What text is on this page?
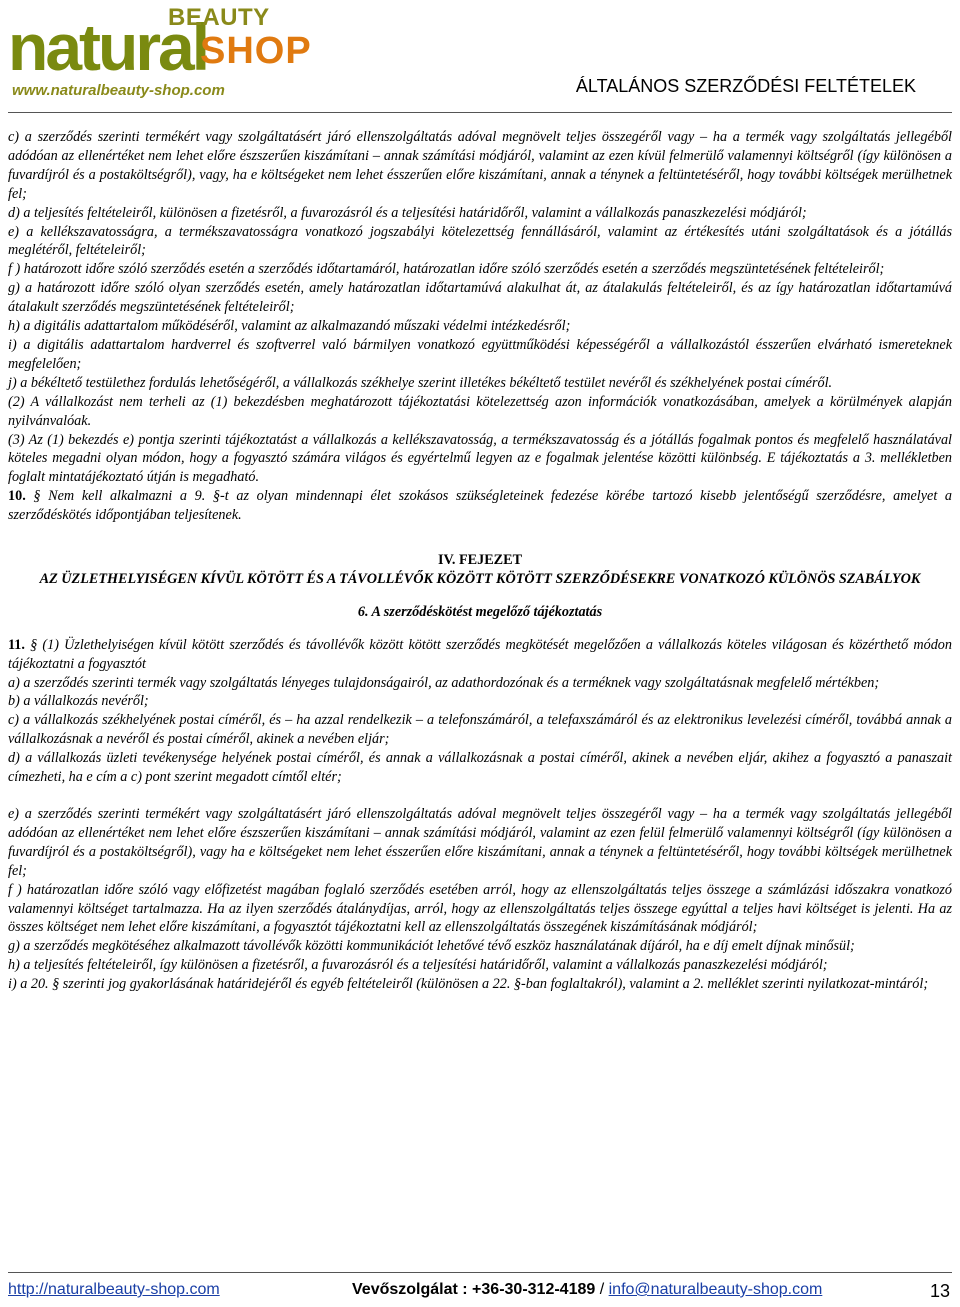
natural
BEAUTY
SHOP
www.naturalbeauty-shop.com	ÁLTALÁNOS SZERZŐDÉSI FELTÉTELEK

c) a szerződés szerinti termékért vagy szolgáltatásért járó ellenszolgáltatás adóval megnövelt teljes összegéről vagy – ha a termék vagy szolgáltatás jellegéből adódóan az ellenértéket nem lehet előre észszerűen kiszámítani – annak számítási módjáról, valamint az ezen kívül felmerülő valamennyi költségről (így különösen a fuvardíjról és a postaköltségről), vagy, ha e költségeket nem lehet ésszerűen előre kiszámítani, annak a ténynek a feltüntetéséről, hogy további költségek merülhetnek fel;

d) a teljesítés feltételeiről, különösen a fizetésről, a fuvarozásról és a teljesítési határidőről, valamint a vállalkozás panaszkezelési módjáról;

e) a kellékszavatosságra, a termékszavatosságra vonatkozó jogszabályi kötelezettség fennállásáról, valamint az értékesítés utáni szolgáltatások és a jótállás meglétéről, feltételeiről;

f ) határozott időre szóló szerződés esetén a szerződés időtartamáról, határozatlan időre szóló szerződés esetén a szerződés megszüntetésének feltételeiről;

g) a határozott időre szóló olyan szerződés esetén, amely határozatlan időtartamúvá alakulhat át, az átalakulás feltételeiről, és az így határozatlan időtartamúvá átalakult szerződés megszüntetésének feltételeiről;

h) a digitális adattartalom működéséről, valamint az alkalmazandó műszaki védelmi intézkedésről;

i) a digitális adattartalom hardverrel és szoftverrel való bármilyen vonatkozó együttműködési képességéről a vállalkozástól ésszerűen elvárható ismereteknek megfelelően;

j) a békéltető testülethez fordulás lehetőségéről, a vállalkozás székhelye szerint illetékes békéltető testület nevéről és székhelyének postai címéről.

(2) A vállalkozást nem terheli az (1) bekezdésben meghatározott tájékoztatási kötelezettség azon információk vonatkozásában, amelyek a körülmények alapján nyilvánvalóak.

(3) Az (1) bekezdés e) pontja szerinti tájékoztatást a vállalkozás a kellékszavatosság, a termékszavatosság és a jótállás fogalmak pontos és megfelelő használatával köteles megadni olyan módon, hogy a fogyasztó számára világos és egyértelmű legyen az e fogalmak jelentése közötti különbség. E tájékoztatás a 3. mellékletben foglalt mintatájékoztató útján is megadható.

10. § Nem kell alkalmazni a 9. §-t az olyan mindennapi élet szokásos szükségleteinek fedezése körébe tartozó kisebb jelentőségű szerződésre, amelyet a szerződéskötés időpontjában teljesítenek.

IV. FEJEZET

AZ ÜZLETHELYISÉGEN KÍVÜL KÖTÖTT ÉS A TÁVOLLÉVŐK KÖZÖTT KÖTÖTT SZERZŐDÉSEKRE VONATKOZÓ KÜLÖNÖS SZABÁLYOK

6. A szerződéskötést megelőző tájékoztatás

11. § (1) Üzlethelyiségen kívül kötött szerződés és távollévők között kötött szerződés megkötését megelőzően a vállalkozás köteles világosan és közérthető módon tájékoztatni a fogyasztót

a) a szerződés szerinti termék vagy szolgáltatás lényeges tulajdonságairól, az adathordozónak és a terméknek vagy szolgáltatásnak megfelelő mértékben;

b) a vállalkozás nevéről;

c) a vállalkozás székhelyének postai címéről, és – ha azzal rendelkezik – a telefonszámáról, a telefaxszámáról és az elektronikus levelezési címéről, továbbá annak a vállalkozásnak a nevéről és postai címéről, akinek a nevében eljár;

d) a vállalkozás üzleti tevékenysége helyének postai címéről, és annak a vállalkozásnak a postai címéről, akinek a nevében eljár, akihez a fogyasztó a panaszait címezheti, ha e cím a c) pont szerint megadott címtől eltér;

e) a szerződés szerinti termékért vagy szolgáltatásért járó ellenszolgáltatás adóval megnövelt teljes összegéről vagy – ha a termék vagy szolgáltatás jellegéből adódóan az ellenértéket nem lehet előre észszerűen kiszámítani – annak számítási módjáról, valamint az ezen felül felmerülő valamennyi költségről (így különösen a fuvardíjról és a postaköltségről), vagy ha e költségeket nem lehet ésszerűen előre kiszámítani, annak a ténynek a feltüntetéséről, hogy további költségek merülhetnek fel;

f ) határozatlan időre szóló vagy előfizetést magában foglaló szerződés esetében arról, hogy az ellenszolgáltatás teljes összege a számlázási időszakra vonatkozó valamennyi költséget tartalmazza. Ha az ilyen szerződés átalánydíjas, arról, hogy az ellenszolgáltatás teljes összege egyúttal a teljes havi költséget is jelenti. Ha az összes költséget nem lehet előre kiszámítani, a fogyasztót tájékoztatni kell az ellenszolgáltatás összegének kiszámításának módjáról;

g) a szerződés megkötéséhez alkalmazott távollévők közötti kommunikációt lehetővé tévő eszköz használatának díjáról, ha e díj emelt díjnak minősül;

h) a teljesítés feltételeiről, így különösen a fizetésről, a fuvarozásról és a teljesítési határidőről, valamint a vállalkozás panaszkezelési módjáról;

i) a 20. § szerinti jog gyakorlásának határidejéről és egyéb feltételeiről (különösen a 22. §-ban foglaltakról), valamint a 2. melléklet szerinti nyilatkozat-mintáról;

http://naturalbeauty-shop.com	Vevőszolgálat : +36-30-312-4189 / info@naturalbeauty-shop.com	13
